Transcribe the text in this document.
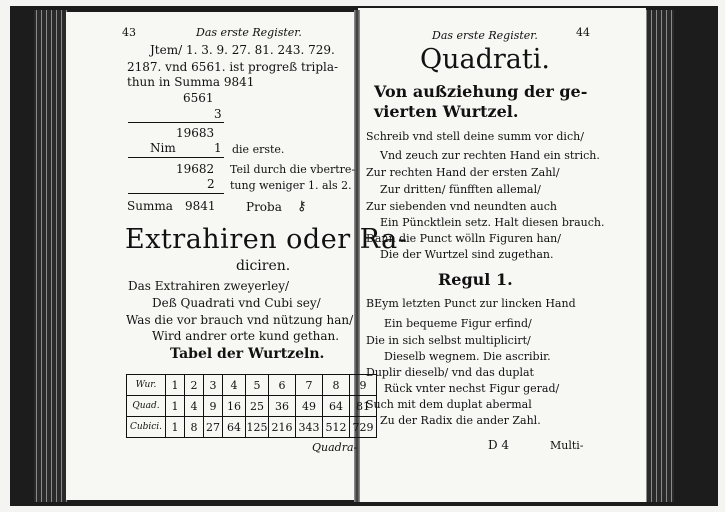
43	Das erste Register.
Jtem/ 1. 3. 9. 27. 81. 243. 729.
2187. vnd 6561. ist progreß tripla-
thun in Summa 9841
6561
3
19683
Nim	1 die erste.
19682 Teil durch die vbertre-
2 tung weniger 1. als 2.
Summa 9841	Proba ⚷
Extrahiren oder Ra-
diciren.
Das Extrahiren zweyerley/
Deß Quadrati vnd Cubi sey/
Was die vor brauch vnd nützung han/
Wird andrer orte kund gethan.
Tabel der Wurtzeln.
Wur.	1	2	3	4	5	6	7	8	9
Quad.	1	4	9	16	25	36	49	64	81
Cubici.	1	8	27	64	125	216	343	512	729
Quadra-
Das erste Register.	44
Quadrati.
Von außziehung der ge-
vierten Wurtzel.
Schreib vnd stell deine summ vor dich/
Vnd zeuch zur rechten Hand ein strich.
Zur rechten Hand der ersten Zahl/
Zur dritten/ fünfften allemal/
Zur siebenden vnd neundten auch
Ein Püncktlein setz. Halt diesen brauch.
Dann die Punct wölln Figuren han/
Die der Wurtzel sind zugethan.
Regul 1.
BEym letzten Punct zur lincken Hand
Ein bequeme Figur erfind/
Die in sich selbst multiplicirt/
Dieselb wegnem. Die ascribir.
Duplir dieselb/ vnd das duplat
Rück vnter nechst Figur gerad/
Such mit dem duplat abermal
Zu der Radix die ander Zahl.
D 4	Multi-
